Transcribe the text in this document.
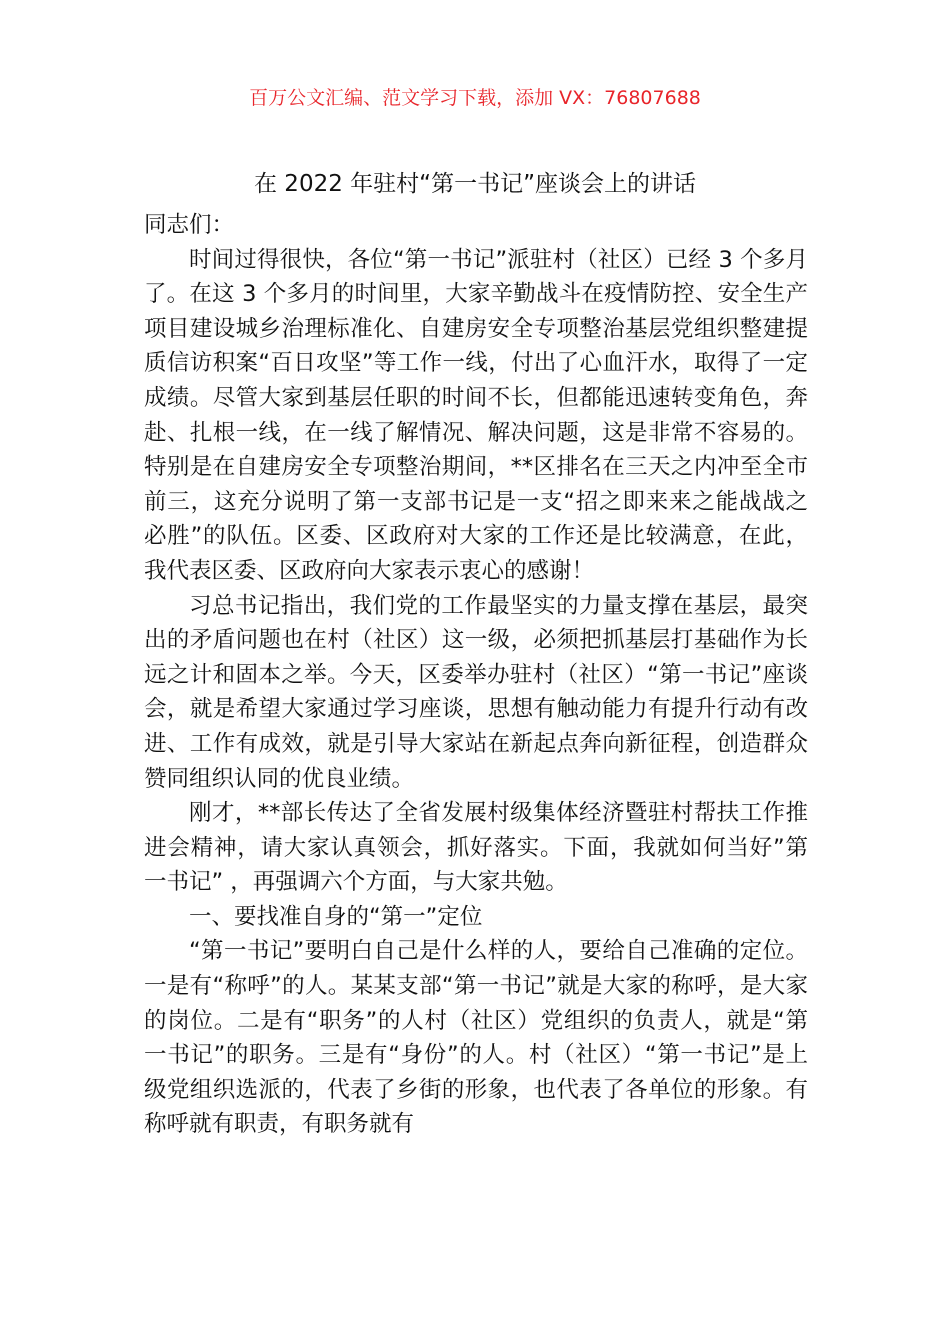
百万公文汇编、范文学习下载，添加 VX：76807688
在 2022 年驻村“第一书记”座谈会上的讲话

同志们：

时间过得很快，各位“第一书记”派驻村（社区）已经 3 个多月了。在这 3 个多月的时间里，大家辛勤战斗在疫情防控、安全生产项目建设城乡治理标准化、自建房安全专项整治基层党组织整建提质信访积案“百日攻坚”等工作一线，付出了心血汗水，取得了一定成绩。尽管大家到基层任职的时间不长，但都能迅速转变角色，奔赴、扎根一线，在一线了解情况、解决问题，这是非常不容易的。特别是在自建房安全专项整治期间，**区排名在三天之内冲至全市前三，这充分说明了第一支部书记是一支“招之即来来之能战战之必胜”的队伍。区委、区政府对大家的工作还是比较满意，在此，我代表区委、区政府向大家表示衷心的感谢！

习总书记指出，我们党的工作最坚实的力量支撑在基层，最突出的矛盾问题也在村（社区）这一级，必须把抓基层打基础作为长远之计和固本之举。今天，区委举办驻村（社区）“第一书记”座谈会，就是希望大家通过学习座谈，思想有触动能力有提升行动有改进、工作有成效，就是引导大家站在新起点奔向新征程，创造群众赞同组织认同的优良业绩。

刚才，**部长传达了全省发展村级集体经济暨驻村帮扶工作推进会精神，请大家认真领会，抓好落实。下面，我就如何当好”第一书记” ，再强调六个方面，与大家共勉。

一、要找准自身的“第一”定位

“第一书记”要明白自己是什么样的人，要给自己准确的定位。一是有“称呼”的人。某某支部“第一书记”就是大家的称呼，是大家的岗位。二是有“职务”的人村（社区）党组织的负责人，就是“第一书记”的职务。三是有“身份”的人。村（社区）“第一书记”是上级党组织选派的，代表了乡街的形象，也代表了各单位的形象。有称呼就有职责，有职务就有
